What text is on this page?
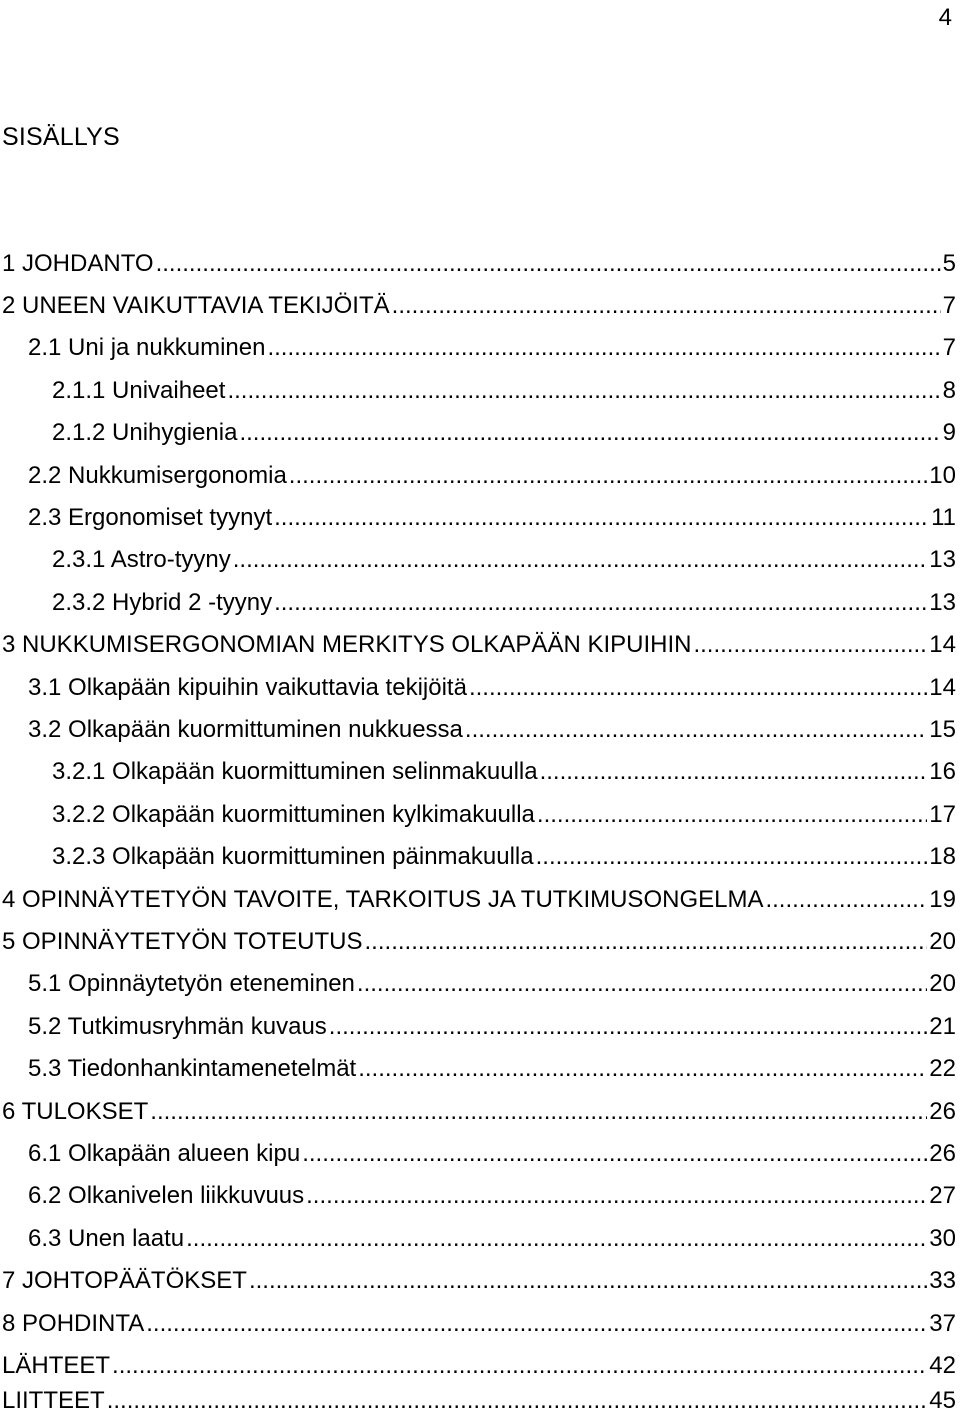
4
SISÄLLYS
1 JOHDANTO .....	5
2 UNEEN VAIKUTTAVIA TEKIJÖITÄ .....	7
2.1 Uni ja nukkuminen .....	7
2.1.1 Univaiheet .....	8
2.1.2 Unihygienia .....	9
2.2 Nukkumisergonomia .....	10
2.3 Ergonomiset tyynyt .....	11
2.3.1 Astro-tyyny .....	13
2.3.2 Hybrid 2 -tyyny .....	13
3 NUKKUMISERGONOMIAN MERKITYS OLKAPÄÄN KIPUIHIN .....	14
3.1 Olkapään kipuihin vaikuttavia tekijöitä .....	14
3.2 Olkapään kuormittuminen nukkuessa .....	15
3.2.1 Olkapään kuormittuminen selinmakuulla .....	16
3.2.2 Olkapään kuormittuminen kylkimakuulla .....	17
3.2.3 Olkapään kuormittuminen päinmakuulla .....	18
4 OPINNÄYTETYÖN TAVOITE, TARKOITUS JA TUTKIMUSONGELMA .....	19
5 OPINNÄYTETYÖN TOTEUTUS .....	20
5.1 Opinnäytetyön eteneminen .....	20
5.2 Tutkimusryhmän kuvaus .....	21
5.3 Tiedonhankintamenetelmät .....	22
6 TULOKSET .....	26
6.1 Olkapään alueen kipu .....	26
6.2 Olkanivelen liikkuvuus .....	27
6.3 Unen laatu .....	30
7 JOHTOPÄÄTÖKSET .....	33
8 POHDINTA .....	37
LÄHTEET .....	42
LIITTEET .....	45
